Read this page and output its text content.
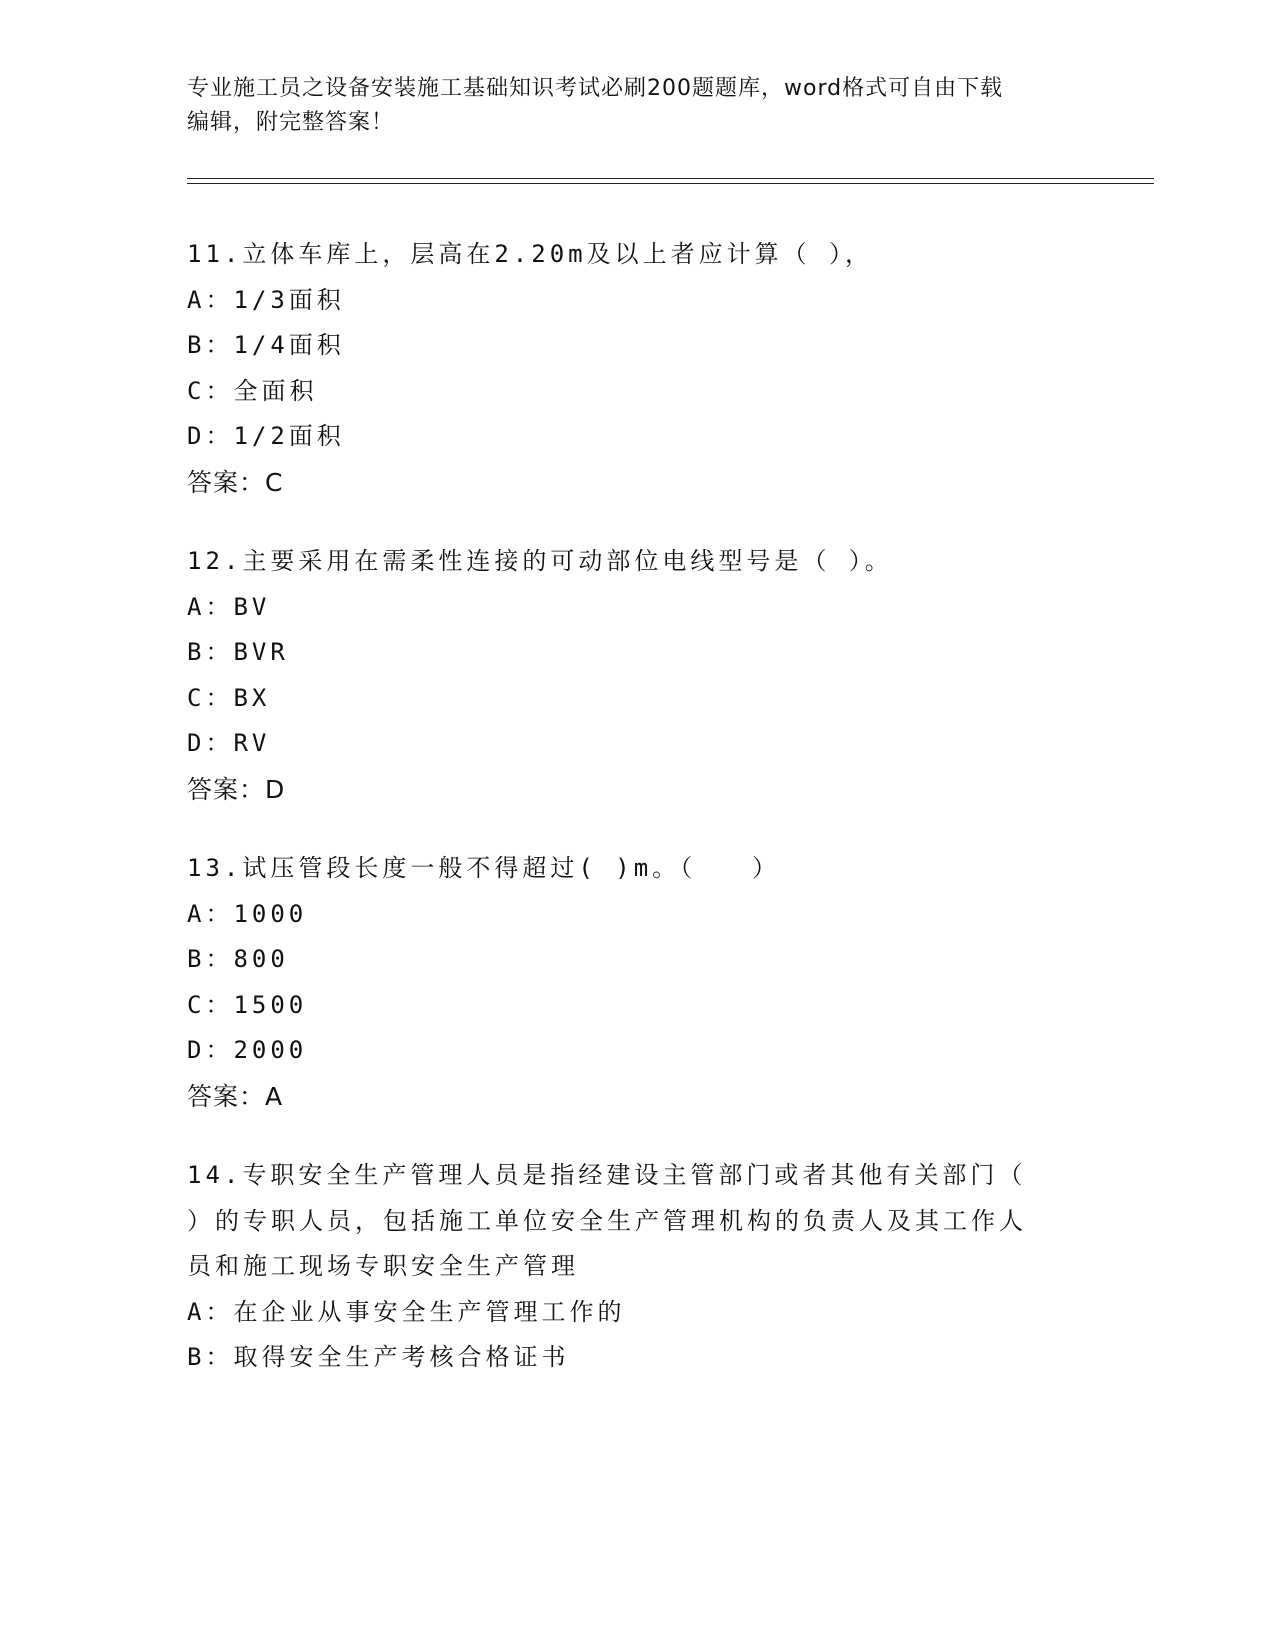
专业施工员之设备安装施工基础知识考试必刷200题题库，word格式可自由下载
编辑，附完整答案！
11.立体车库上，层高在2.20m及以上者应计算（ ），
A：1/3面积
B：1/4面积
C：全面积
D：1/2面积
答案：C
12.主要采用在需柔性连接的可动部位电线型号是（ ）。
A：BV
B：BVR
C：BX
D：RV
答案：D
13.试压管段长度一般不得超过( )m。（　　）
A：1000
B：800
C：1500
D：2000
答案：A
14.专职安全生产管理人员是指经建设主管部门或者其他有关部门（
）的专职人员，包括施工单位安全生产管理机构的负责人及其工作人
员和施工现场专职安全生产管理
A：在企业从事安全生产管理工作的
B：取得安全生产考核合格证书
